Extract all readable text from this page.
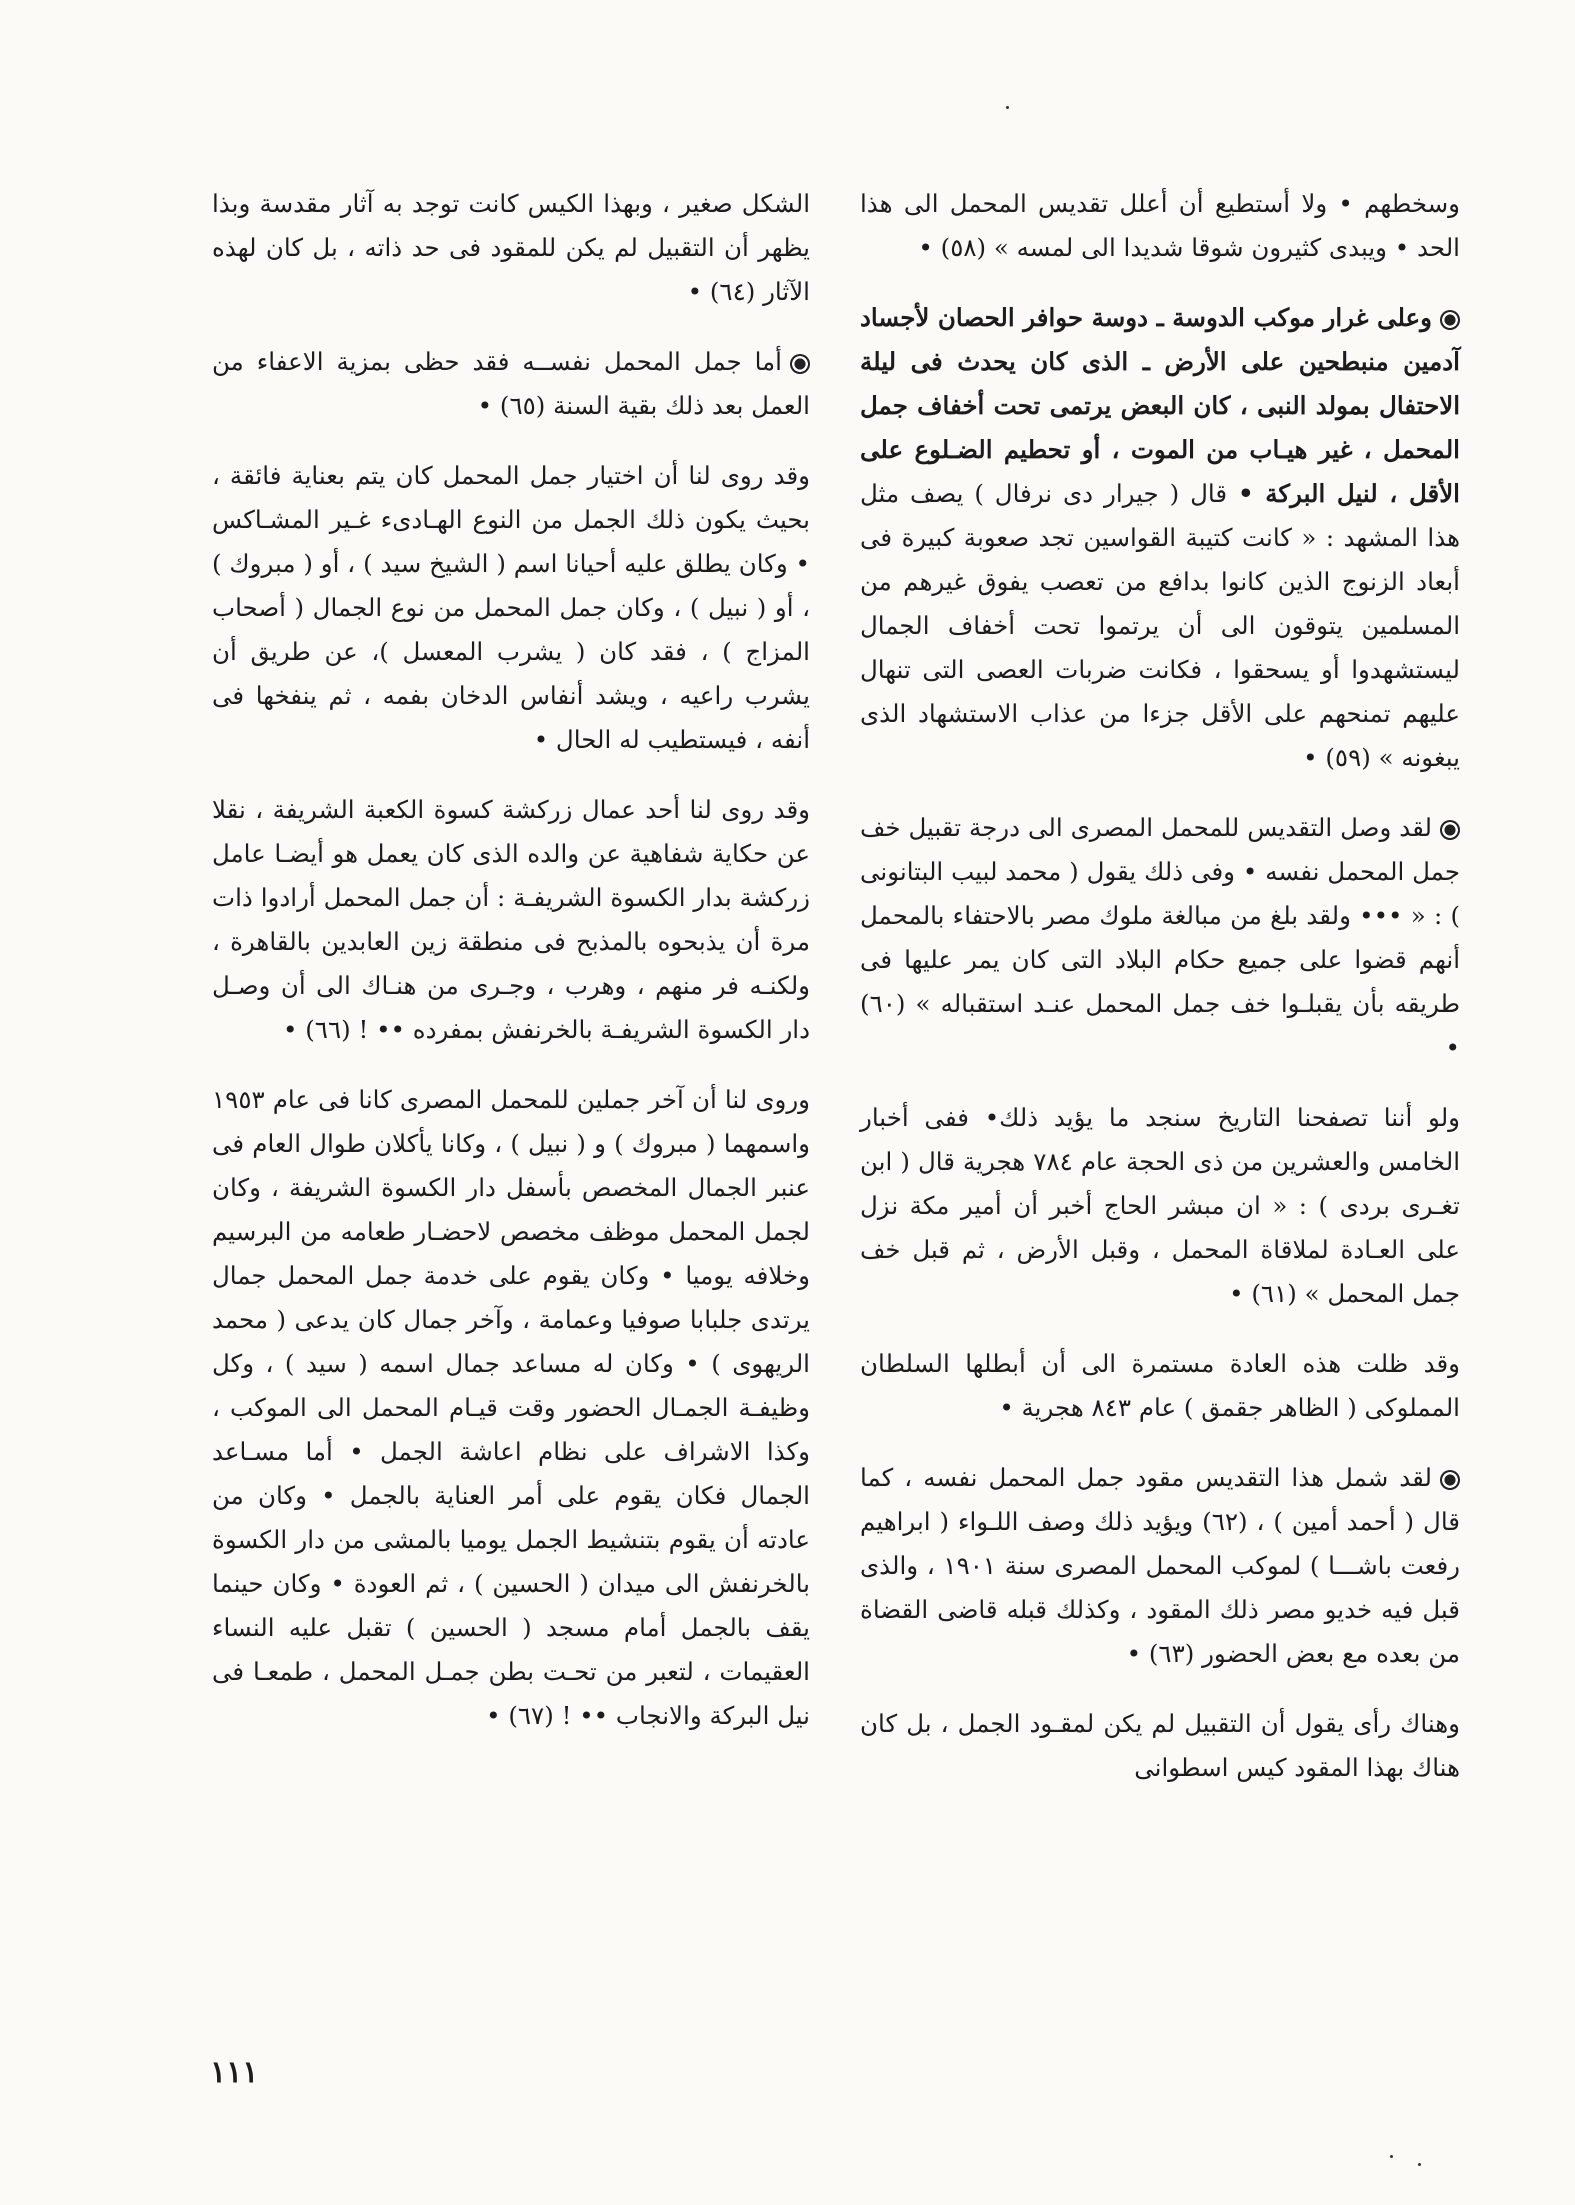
وسخطهم • ولا أستطيع أن أعلل تقديس المحمل الى هذا الحد • ويبدى كثيرون شوقا شديدا الى لمسه » (٥٨) •

وعلى غرار موكب الدوسة ـ دوسة حوافر الحصان لأجساد آدمين منبطحين على الأرض ـ الذى كان يحدث فى ليلة الاحتفال بمولد النبى ، كان البعض يرتمى تحت أخفاف جمل المحمل ، غير هيـاب من الموت ، أو تحطيم الضـلوع على الأقل ، لنيل البركة • قال ( جيرار دى نرفال ) يصف مثل هذا المشهد : « كانت كتيبة القواسين تجد صعوبة كبيرة فى أبعاد الزنوج الذين كانوا بدافع من تعصب يفوق غيرهم من المسلمين يتوقون الى أن يرتموا تحت أخفاف الجمال ليستشهدوا أو يسحقوا ، فكانت ضربات العصى التى تنهال عليهم تمنحهم على الأقل جزءا من عذاب الاستشهاد الذى يبغونه » (٥٩) •

لقد وصل التقديس للمحمل المصرى الى درجة تقبيل خف جمل المحمل نفسه • وفى ذلك يقول ( محمد لبيب البتانونى ) : « ••• ولقد بلغ من مبالغة ملوك مصر بالاحتفاء بالمحمل أنهم قضوا على جميع حكام البلاد التى كان يمر عليها فى طريقه بأن يقبلـوا خف جمل المحمل عنـد استقباله » (٦٠) •

ولو أننا تصفحنا التاريخ سنجد ما يؤيد ذلك• ففى أخبار الخامس والعشرين من ذى الحجة عام ٧٨٤ هجرية قال ( ابن تغـرى بردى ) : « ان مبشر الحاج أخبر أن أمير مكة نزل على العـادة لملاقاة المحمل ، وقبل الأرض ، ثم قبل خف جمل المحمل » (٦١) •

وقد ظلت هذه العادة مستمرة الى أن أبطلها السلطان المملوكى ( الظاهر جقمق ) عام ٨٤٣ هجرية •

لقد شمل هذا التقديس مقود جمل المحمل نفسه ، كما قال ( أحمد أمين ) ، (٦٢) ويؤيد ذلك وصف اللـواء ( ابراهيم رفعت باشـــا ) لموكب المحمل المصرى سنة ١٩٠١ ، والذى قبل فيه خديو مصر ذلك المقود ، وكذلك قبله قاضى القضاة من بعده مع بعض الحضور (٦٣) •

وهناك رأى يقول أن التقبيل لم يكن لمقـود الجمل ، بل كان هناك بهذا المقود كيس اسطوانى

الشكل صغير ، وبهذا الكيس كانت توجد به آثار مقدسة وبذا يظهر أن التقبيل لم يكن للمقود فى حد ذاته ، بل كان لهذه الآثار (٦٤) •

أما جمل المحمل نفســه فقد حظى بمزية الاعفاء من العمل بعد ذلك بقية السنة (٦٥) •

وقد روى لنا أن اختيار جمل المحمل كان يتم بعناية فائقة ، بحيث يكون ذلك الجمل من النوع الهـادىء غـير المشـاكس • وكان يطلق عليه أحيانا اسم ( الشيخ سيد ) ، أو ( مبروك ) ، أو ( نبيل ) ، وكان جمل المحمل من نوع الجمال ( أصحاب المزاج ) ، فقد كان ( يشرب المعسل )، عن طريق أن يشرب راعيه ، ويشد أنفاس الدخان بفمه ، ثم ينفخها فى أنفه ، فيستطيب له الحال •

وقد روى لنا أحد عمال زركشة كسوة الكعبة الشريفة ، نقلا عن حكاية شفاهية عن والده الذى كان يعمل هو أيضـا عامل زركشة بدار الكسوة الشريفـة : أن جمل المحمل أرادوا ذات مرة أن يذبحوه بالمذبح فى منطقة زين العابدين بالقاهرة ، ولكنـه فر منهم ، وهرب ، وجـرى من هنـاك الى أن وصـل دار الكسوة الشريفـة بالخرنفش بمفرده •• ! (٦٦) •

وروى لنا أن آخر جملين للمحمل المصرى كانا فى عام ١٩٥٣ واسمهما ( مبروك ) و ( نبيل ) ، وكانا يأكلان طوال العام فى عنبر الجمال المخصص بأسفل دار الكسوة الشريفة ، وكان لجمل المحمل موظف مخصص لاحضـار طعامه من البرسيم وخلافه يوميا • وكان يقوم على خدمة جمل المحمل جمال يرتدى جلبابا صوفيا وعمامة ، وآخر جمال كان يدعى ( محمد الريهوى ) • وكان له مساعد جمال اسمه ( سيد ) ، وكل وظيفـة الجمـال الحضور وقت قيـام المحمل الى الموكب ، وكذا الاشراف على نظام اعاشة الجمل • أما مسـاعد الجمال فكان يقوم على أمر العناية بالجمل • وكان من عادته أن يقوم بتنشيط الجمل يوميا بالمشى من دار الكسوة بالخرنفش الى ميدان ( الحسين ) ، ثم العودة • وكان حينما يقف بالجمل أمام مسجد ( الحسين ) تقبل عليه النساء العقيمات ، لتعبر من تحـت بطن جمـل المحمل ، طمعـا فى نيل البركة والانجاب •• ! (٦٧) •

١١١
